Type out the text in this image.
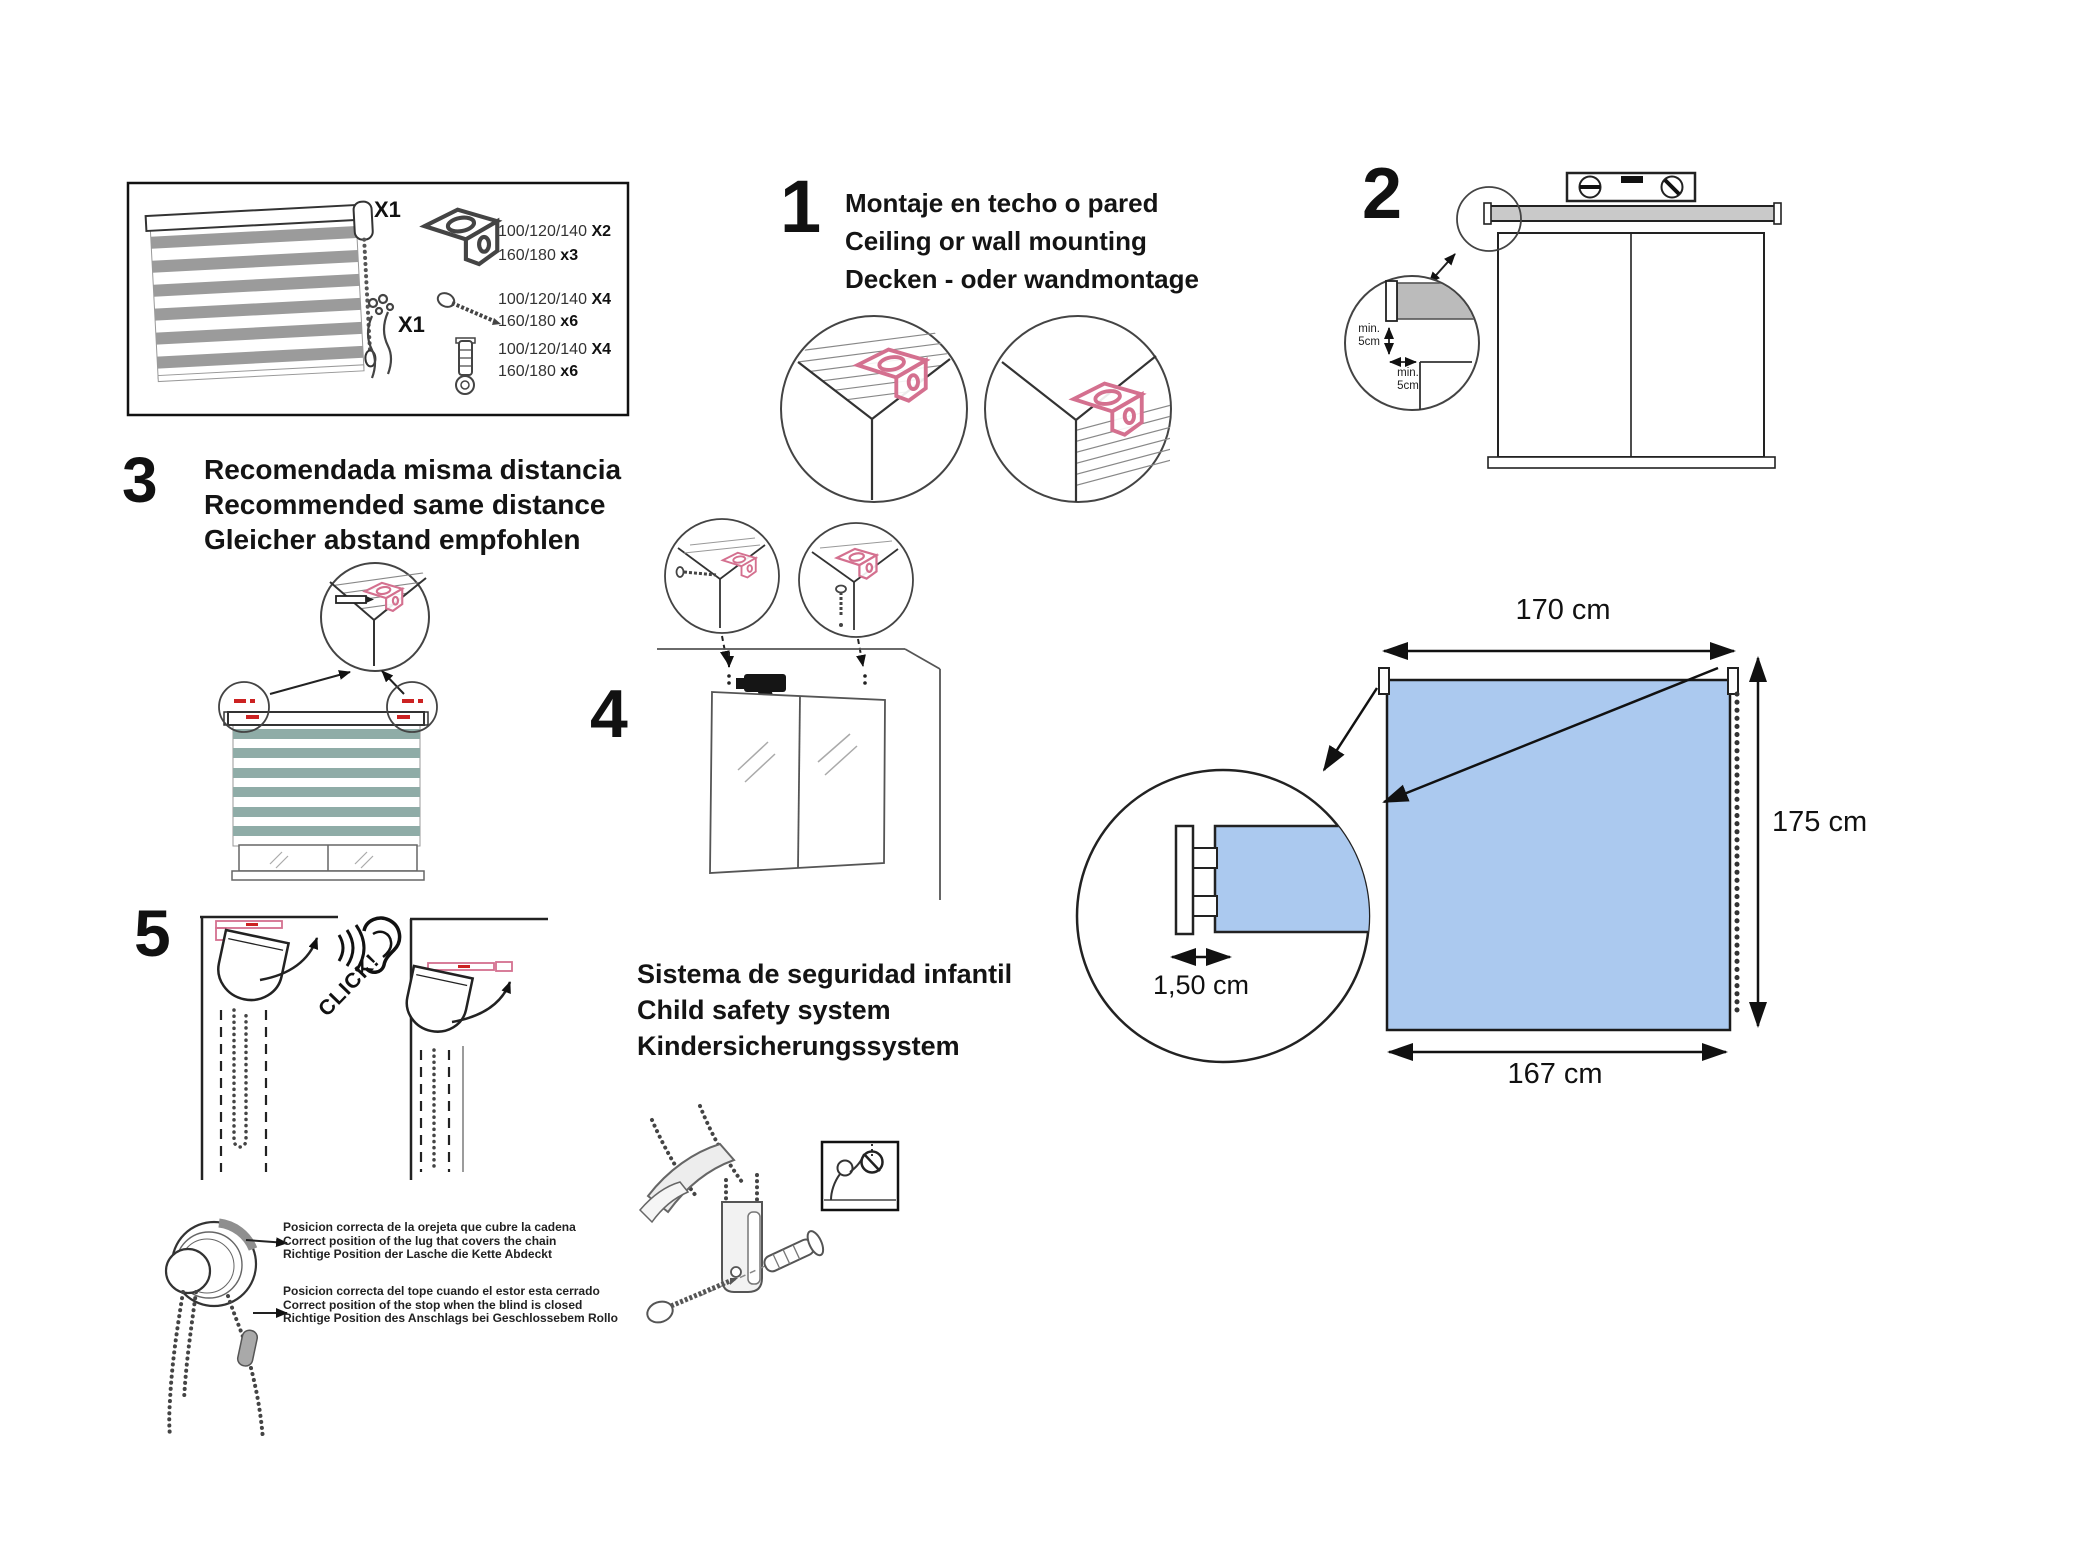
X1
X1
100/120/140 X2
160/180 x3
100/120/140 X4
160/180 x6
100/120/140 X4
160/180 x6
1 Montaje en techo o pared
Ceiling or wall mounting
Decken - oder wandmontage
2
3 Recomendada misma distancia
Recommended same distance
Gleicher abstand empfohlen
4
5
CLICK!
min.
5cm
min.
5cm
Sistema de seguridad infantil
Child safety system
Kindersicherungssystem
Posicion correcta de la orejeta que cubre la cadena
Correct position of the lug that covers the chain
Richtige Position der Lasche die Kette Abdeckt
Posicion correcta del tope cuando el estor esta cerrado
Correct position of the stop when the blind is closed
Richtige Position des Anschlags bei Geschlossebem Rollo
170 cm
175 cm
167 cm
1,50 cm
